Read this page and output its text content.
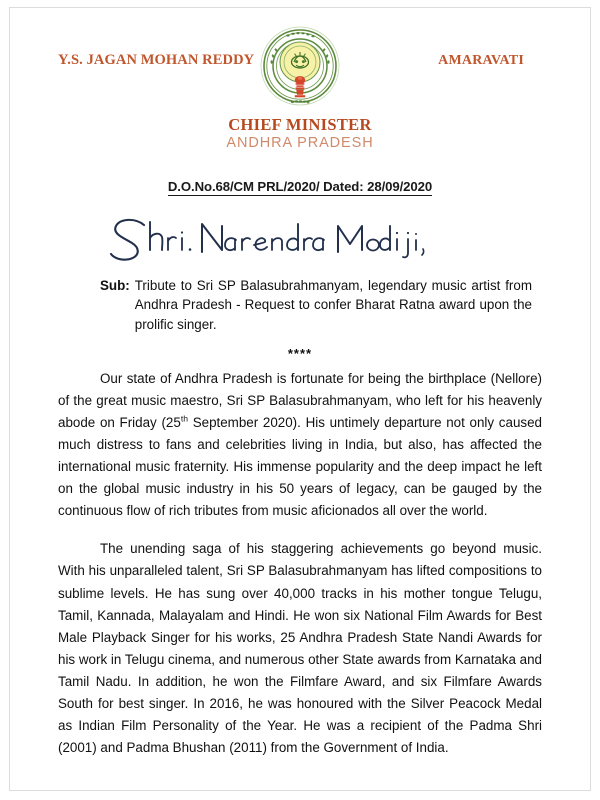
Y.S. JAGAN MOHAN REDDY	AMARAVATI
CHIEF MINISTER
ANDHRA PRADESH
D.O.No.68/CM PRL/2020/ Dated: 28/09/2020
Sub: Tribute to Sri SP Balasubrahmanyam, legendary music artist from Andhra Pradesh - Request to confer Bharat Ratna award upon the prolific singer.
****

Our state of Andhra Pradesh is fortunate for being the birthplace (Nellore) of the great music maestro, Sri SP Balasubrahmanyam, who left for his heavenly abode on Friday (25th September 2020). His untimely departure not only caused much distress to fans and celebrities living in India, but also, has affected the international music fraternity. His immense popularity and the deep impact he left on the global music industry in his 50 years of legacy, can be gauged by the continuous flow of rich tributes from music aficionados all over the world.

The unending saga of his staggering achievements go beyond music. With his unparalleled talent, Sri SP Balasubrahmanyam has lifted compositions to sublime levels. He has sung over 40,000 tracks in his mother tongue Telugu, Tamil, Kannada, Malayalam and Hindi. He won six National Film Awards for Best Male Playback Singer for his works, 25 Andhra Pradesh State Nandi Awards for his work in Telugu cinema, and numerous other State awards from Karnataka and Tamil Nadu. In addition, he won the Filmfare Award, and six Filmfare Awards South for best singer. In 2016, he was honoured with the Silver Peacock Medal as Indian Film Personality of the Year. He was a recipient of the Padma Shri (2001) and Padma Bhushan (2011) from the Government of India.
